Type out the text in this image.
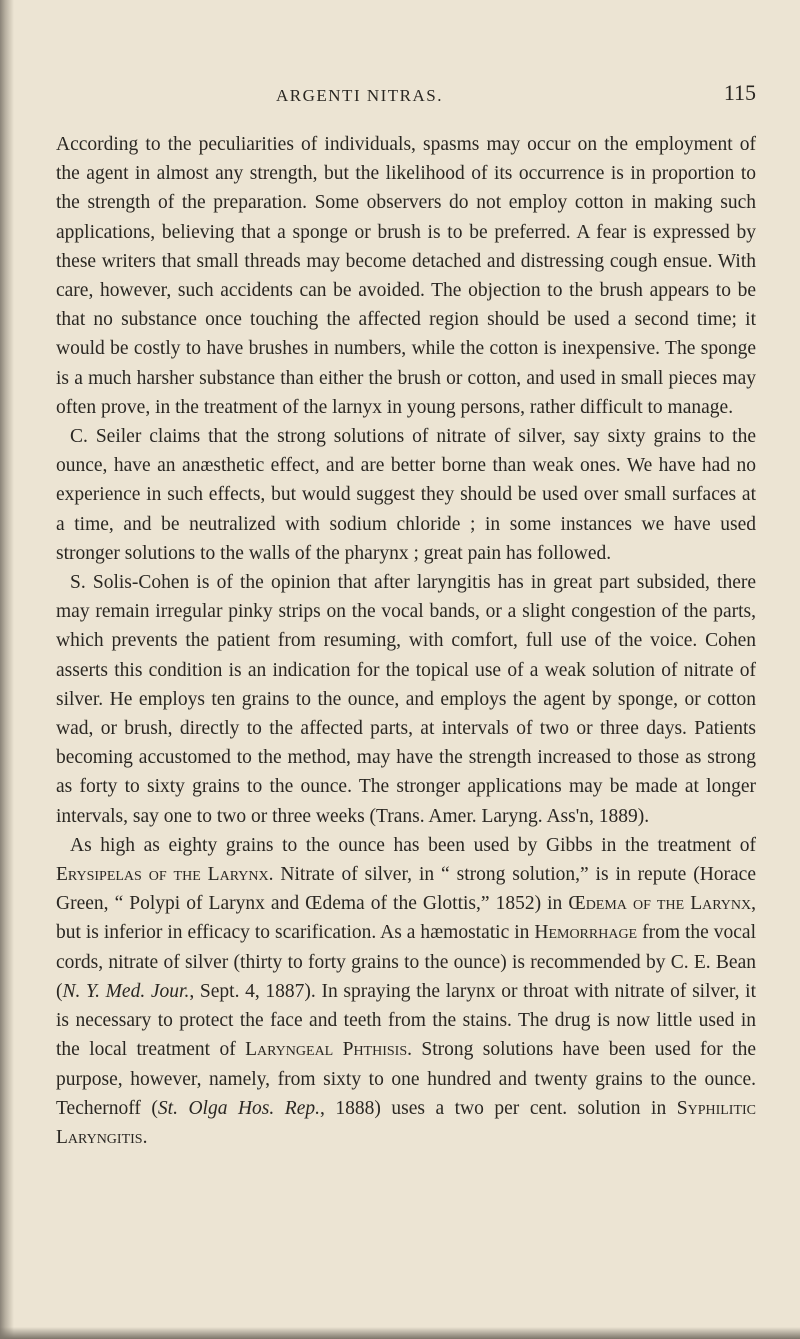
ARGENTI NITRAS.	115

According to the peculiarities of individuals, spasms may occur on the employment of the agent in almost any strength, but the likelihood of its occurrence is in proportion to the strength of the preparation. Some observers do not employ cotton in making such applications, believing that a sponge or brush is to be preferred. A fear is expressed by these writers that small threads may become detached and distressing cough ensue. With care, however, such accidents can be avoided. The objection to the brush appears to be that no substance once touching the affected region should be used a second time; it would be costly to have brushes in numbers, while the cotton is inexpensive. The sponge is a much harsher substance than either the brush or cotton, and used in small pieces may often prove, in the treatment of the larnyx in young persons, rather difficult to manage.

C. Seiler claims that the strong solutions of nitrate of silver, say sixty grains to the ounce, have an anæsthetic effect, and are better borne than weak ones. We have had no experience in such effects, but would suggest they should be used over small surfaces at a time, and be neutralized with sodium chloride ; in some instances we have used stronger solutions to the walls of the pharynx ; great pain has followed.

S. Solis-Cohen is of the opinion that after laryngitis has in great part subsided, there may remain irregular pinky strips on the vocal bands, or a slight congestion of the parts, which prevents the patient from resuming, with comfort, full use of the voice. Cohen asserts this condition is an indication for the topical use of a weak solution of nitrate of silver. He employs ten grains to the ounce, and employs the agent by sponge, or cotton wad, or brush, directly to the affected parts, at intervals of two or three days. Patients becoming accustomed to the method, may have the strength increased to those as strong as forty to sixty grains to the ounce. The stronger applications may be made at longer intervals, say one to two or three weeks (Trans. Amer. Laryng. Ass'n, 1889).

As high as eighty grains to the ounce has been used by Gibbs in the treatment of Erysipelas of the Larynx. Nitrate of silver, in “ strong solution,” is in repute (Horace Green, “ Polypi of Larynx and Œdema of the Glottis,” 1852) in Œdema of the Larynx, but is inferior in efficacy to scarification. As a hæmostatic in Hemorrhage from the vocal cords, nitrate of silver (thirty to forty grains to the ounce) is recommended by C. E. Bean (N. Y. Med. Jour., Sept. 4, 1887). In spraying the larynx or throat with nitrate of silver, it is necessary to protect the face and teeth from the stains. The drug is now little used in the local treatment of Laryngeal Phthisis. Strong solutions have been used for the purpose, however, namely, from sixty to one hundred and twenty grains to the ounce. Techernoff (St. Olga Hos. Rep., 1888) uses a two per cent. solution in Syphilitic Laryngitis.
